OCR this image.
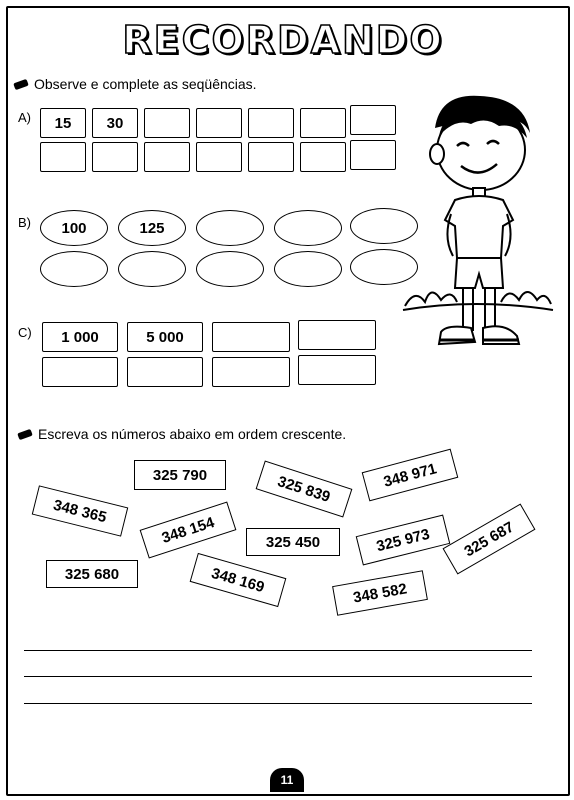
RECORDANDO
Observe e complete as seqüências.
A)	15	30
B)	100	125
C)	1 000	5 000
Escreva os números abaixo em ordem crescente.
325 790	325 839	348 971
348 365
348 154	325 450	325 973	325 687
325 680	348 169	348 582
11
